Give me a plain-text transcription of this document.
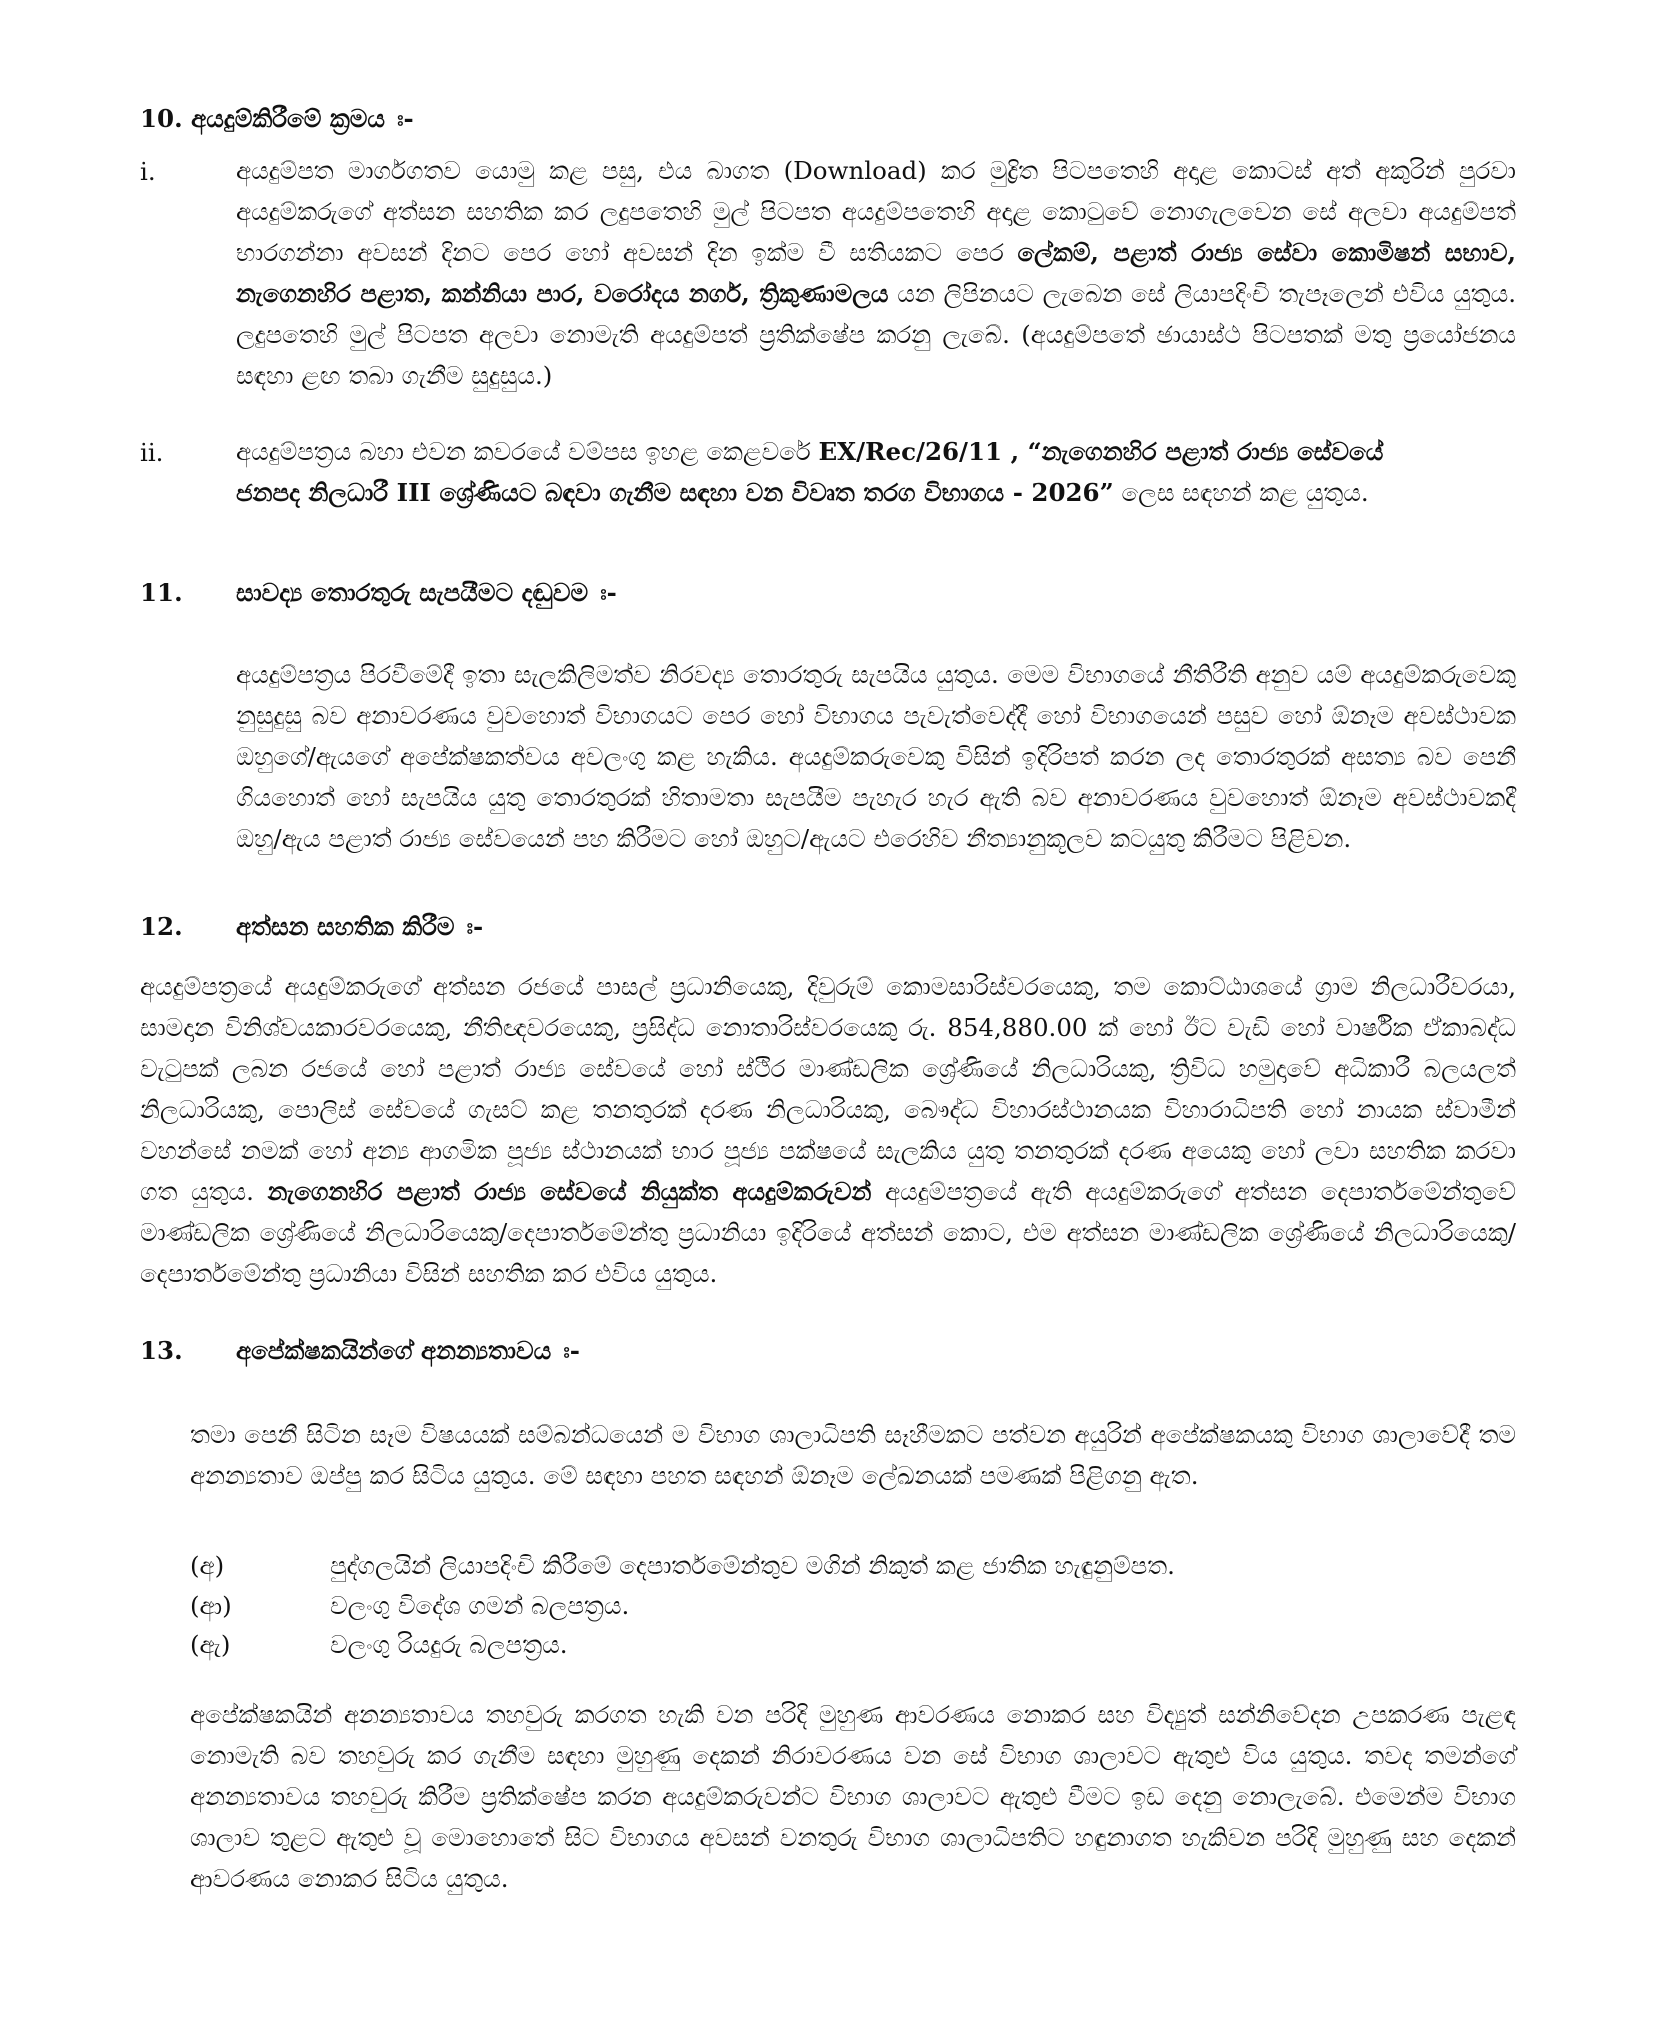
10. අයදුම්කිරීමේ ක්‍රමය ඃ-
i.	අයදුම්පත මාර්ගගතව යොමු කළ පසු, එය බාගත (Download) කර මුද්‍රිත පිටපතෙහි අදාළ කොටස් අත් අකුරින් පුරවා අයදුම්කරුගේ අත්සන සහතික කර ලදුපතෙහි මුල් පිටපත අයදුම්පතෙහි අදාළ කොටුවේ නොගැලවෙන සේ අලවා අයදුම්පත් භාරගන්නා අවසන් දිනට පෙර හෝ අවසන් දින ඉක්ම වී සතියකට පෙර ලේකම්, පළාත් රාජ්‍ය සේවා කොමිෂන් සභාව, නැගෙනහිර පළාත, කන්නියා පාර, වරෝදය නගර්, ත්‍රිකුණාමලය යන ලිපිනයට ලැබෙන සේ ලියාපදිංචි තැපෑලෙන් එවිය යුතුය. ලදුපතෙහි මුල් පිටපත අලවා නොමැති අයදුම්පත් ප්‍රතික්ෂේප කරනු ලැබේ. (අයදුම්පතේ ඡායාස්ථ පිටපතක් මතු ප්‍රයෝජනය සඳහා ළඟ තබා ගැනීම සුදුසුය.)
ii.	අයදුම්පත්‍රය බහා එවන කවරයේ වම්පස ඉහළ කෙළවරේ EX/Rec/26/11 , “නැගෙනහිර පළාත් රාජ්‍ය සේවයේ ජනපද නිලධාරී III ශ්‍රේණියට බඳවා ගැනීම සඳහා වන විවෘත තරග විභාගය - 2026” ලෙස සඳහන් කළ යුතුය.
11. සාවද්‍ය තොරතුරු සැපයීමට දඬුවම ඃ-
අයදුම්පත්‍රය පිරවීමේදී ඉතා සැලකිලිමත්ව නිරවද්‍ය තොරතුරු සැපයිය යුතුය. මෙම විභාගයේ නීතිරීති අනුව යම් අයදුම්කරුවෙකු නුසුදුසු බව අනාවරණය වුවහොත් විභාගයට පෙර හෝ විභාගය පැවැත්වෙද්දී හෝ විභාගයෙන් පසුව හෝ ඕනෑම අවස්ථාවක ඔහුගේ/ඇයගේ අපේක්ෂකත්වය අවලංගු කළ හැකිය. අයදුම්කරුවෙකු විසින් ඉදිරිපත් කරන ලද තොරතුරක් අසත්‍ය බව පෙනී ගියහොත් හෝ සැපයිය යුතු තොරතුරක් හිතාමතා සැපයීම පැහැර හැර ඇති බව අනාවරණය වුවහොත් ඕනෑම අවස්ථාවකදී ඔහු/ඇය පළාත් රාජ්‍ය සේවයෙන් පහ කිරීමට හෝ ඔහුට/ඇයට එරෙහිව නීත්‍යානුකූලව කටයුතු කිරීමට පිළිවන.
12. අත්සන සහතික කිරීම ඃ-
අයදුම්පත්‍රයේ අයදුම්කරුගේ අත්සන රජයේ පාසල් ප්‍රධානියෙකු, දිවුරුම් කොමසාරිස්වරයෙකු, තම කොට්ඨාශයේ ග්‍රාම නිලධාරීවරයා, සාමදාන විනිශ්වයකාරවරයෙකු, නීතිඥවරයෙකු, ප්‍රසිද්ධ නොතාරිස්වරයෙකු රු. 854,880.00 ක් හෝ ඊට වැඩි හෝ වාර්ෂික ඒකාබද්ධ වැටුපක් ලබන රජයේ හෝ පළාත් රාජ්‍ය සේවයේ හෝ ස්ථිර මාණ්ඩලික ශ්‍රේණියේ නිලධාරියකු, ත්‍රිවිධ හමුදාවේ අධිකාරී බලයලත් නිලධාරියකු, පොලිස් සේවයේ ගැසට් කළ තනතුරක් දරණ නිලධාරියකු, බෞද්ධ විහාරස්ථානයක විහාරාධිපති හෝ නායක ස්වාමීන් වහන්සේ නමක් හෝ අන්‍ය ආගමික පූජ්‍ය ස්ථානයක් භාර පූජ්‍ය පක්ෂයේ සැලකිය යුතු තනතුරක් දරණ අයෙකු හෝ ලවා සහතික කරවා ගත යුතුය. නැගෙනහිර පළාත් රාජ්‍ය සේවයේ නියුක්ත අයදුම්කරුවන් අයදුම්පත්‍රයේ ඇති අයදුම්කරුගේ අත්සන දෙපාර්තමේන්තුවේ මාණ්ඩලික ශ්‍රේණියේ නිලධාරියෙකු/දෙපාර්තමේන්තු ප්‍රධානියා ඉදිරියේ අත්සන් කොට, එම අත්සන මාණ්ඩලික ශ්‍රේණියේ නිලධාරියෙකු/දෙපාර්තමේන්තු ප්‍රධානියා විසින් සහතික කර එවිය යුතුය.
13. අපේක්ෂකයින්ගේ අනන්‍යතාවය ඃ-
තමා පෙනී සිටින සෑම විෂයයක් සම්බන්ධයෙන් ම විභාග ශාලාධිපති සෑහීමකට පත්වන අයුරින් අපේක්ෂකයකු විභාග ශාලාවේදී තම අනන්‍යතාව ඔප්පු කර සිටිය යුතුය. මේ සඳහා පහත සඳහන් ඕනෑම ලේඛනයක් පමණක් පිළිගනු ඇත.
(අ)	පුද්ගලයින් ලියාපදිංචි කිරීමේ දෙපාර්තමේන්තුව මගින් නිකුත් කළ ජාතික හැඳුනුම්පත.
(ආ)	වලංගු විදේශ ගමන් බලපත්‍රය.
(ඇ)	වලංගු රියදුරු බලපත්‍රය.
අපේක්ෂකයින් අනන්‍යතාවය තහවුරු කරගත හැකි වන පරිදි මුහුණ ආවරණය නොකර සහ විද්‍යුත් සන්නිවේදන උපකරණ පැළඳ නොමැති බව තහවුරු කර ගැනීම සඳහා මුහුණු දෙකන් නිරාවරණය වන සේ විභාග ශාලාවට ඇතුළු විය යුතුය. තවද තමන්ගේ අනන්‍යතාවය තහවුරු කිරීම ප්‍රතික්ෂේප කරන අයදුම්කරුවන්ට විභාග ශාලාවට ඇතුළු වීමට ඉඩ දෙනු නොලැබේ. එමෙන්ම විභාග ශාලාව තුළට ඇතුළු වූ මොහොතේ සිට විභාගය අවසන් වනතුරු විභාග ශාලාධිපතිට හඳුනාගත හැකිවන පරිදි මුහුණු සහ දෙකන් ආවරණය නොකර සිටිය යුතුය.
